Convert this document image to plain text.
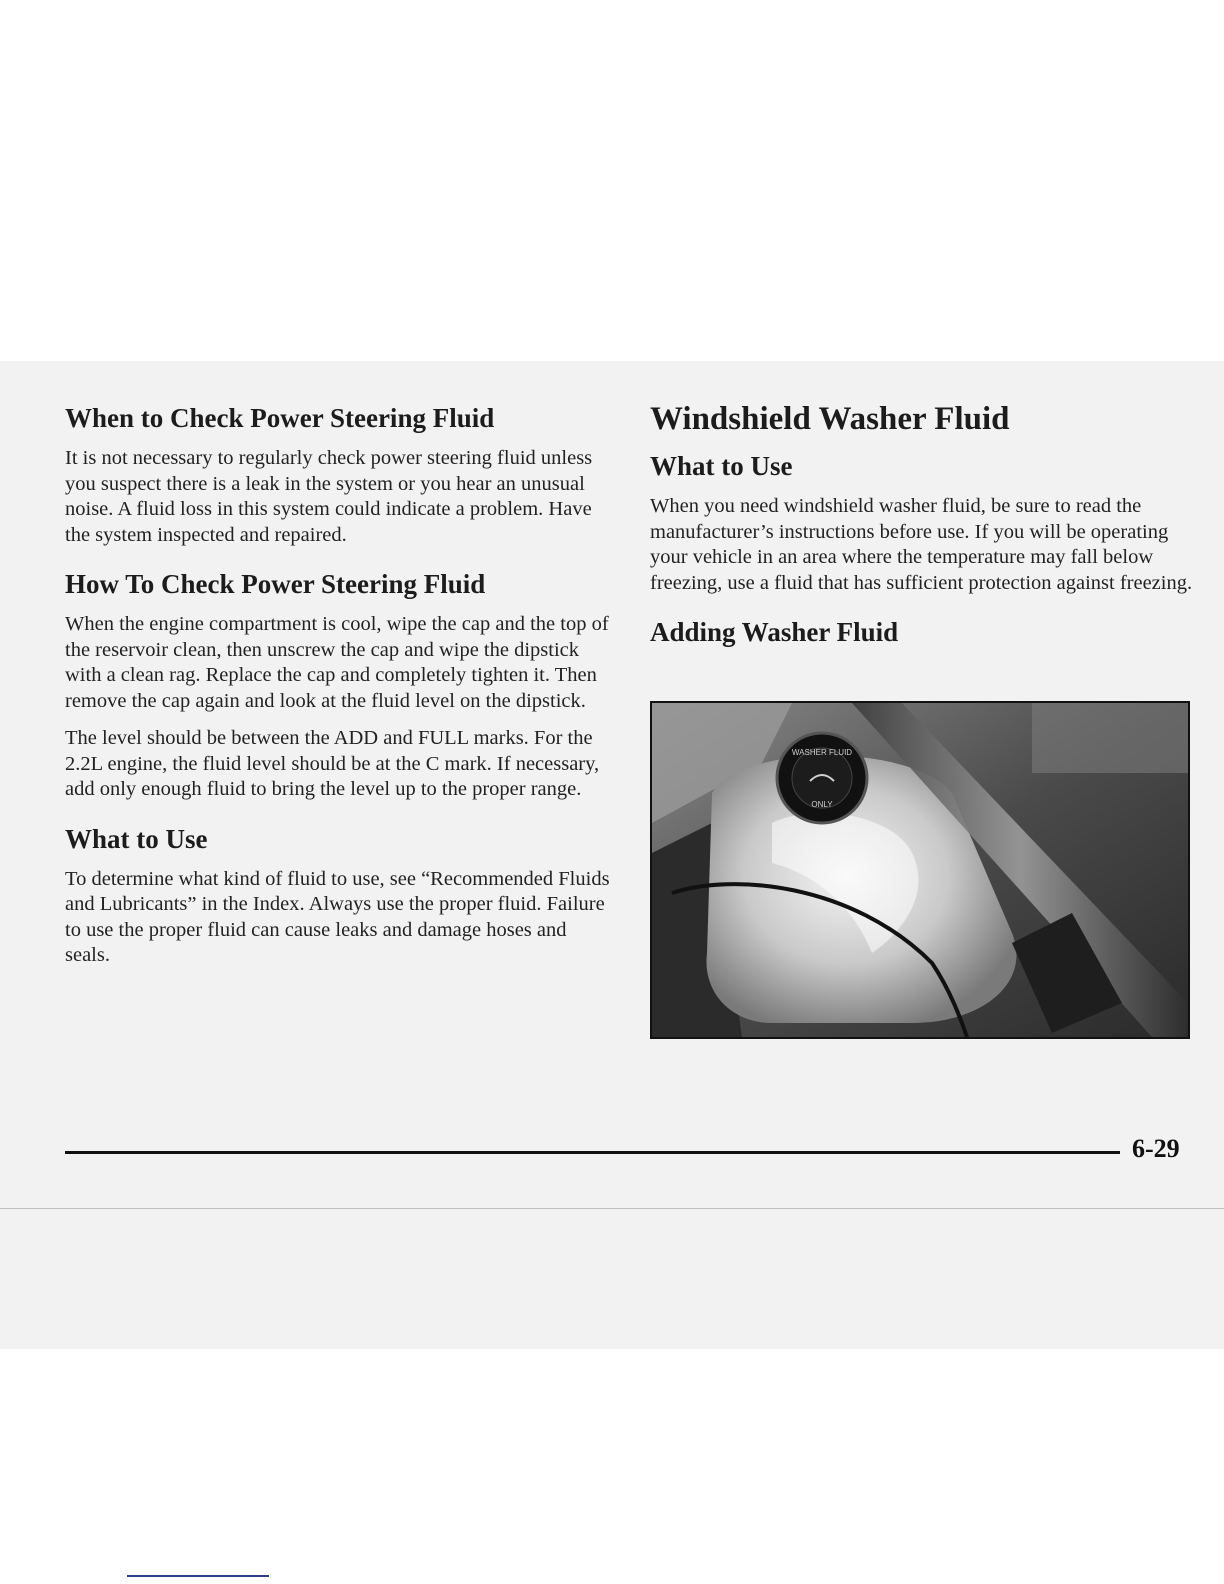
When to Check Power Steering Fluid

It is not necessary to regularly check power steering fluid unless you suspect there is a leak in the system or you hear an unusual noise. A fluid loss in this system could indicate a problem. Have the system inspected and repaired.

How To Check Power Steering Fluid

When the engine compartment is cool, wipe the cap and the top of the reservoir clean, then unscrew the cap and wipe the dipstick with a clean rag. Replace the cap and completely tighten it. Then remove the cap again and look at the fluid level on the dipstick.

The level should be between the ADD and FULL marks. For the 2.2L engine, the fluid level should be at the C mark. If necessary, add only enough fluid to bring the level up to the proper range.

What to Use

To determine what kind of fluid to use, see “Recommended Fluids and Lubricants” in the Index. Always use the proper fluid. Failure to use the proper fluid can cause leaks and damage hoses and seals.

Windshield Washer Fluid
What to Use

When you need windshield washer fluid, be sure to read the manufacturer’s instructions before use. If you will be operating your vehicle in an area where the temperature may fall below freezing, use a fluid that has sufficient protection against freezing.

Adding Washer Fluid
WASHER FLUID
ONLY
6-29
